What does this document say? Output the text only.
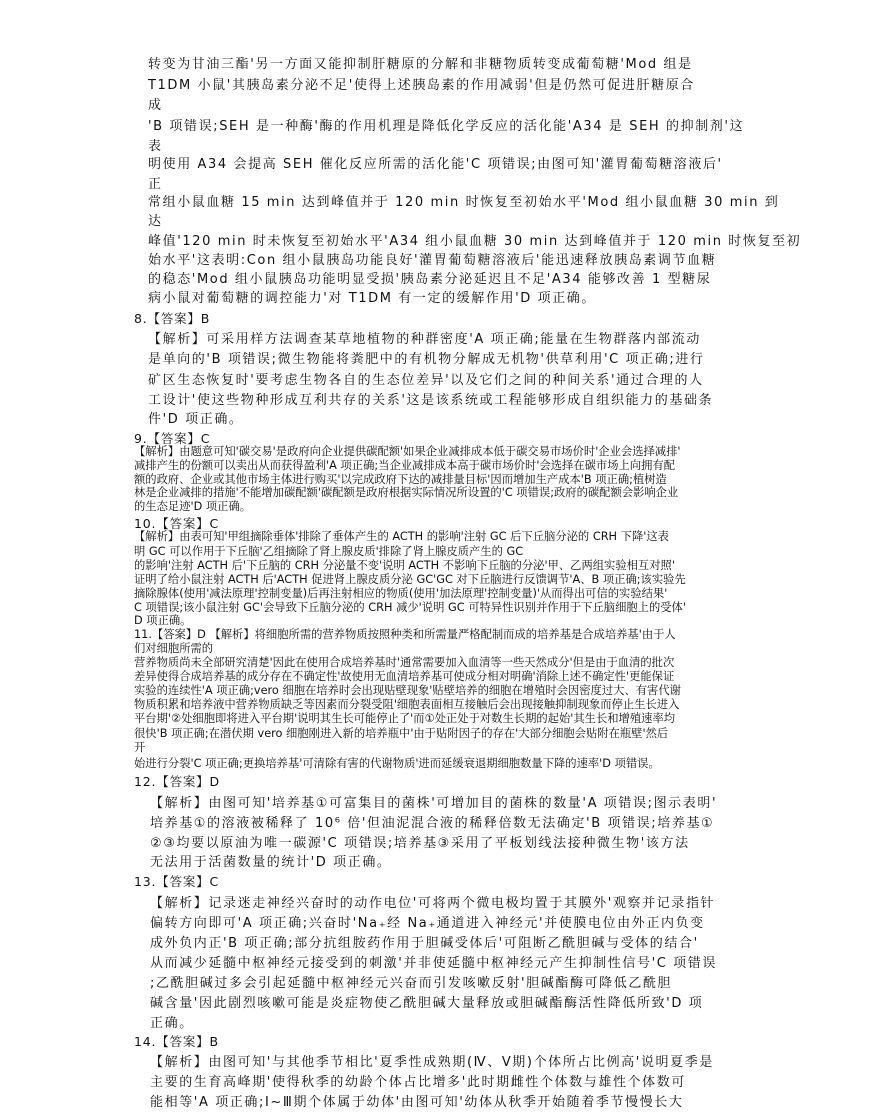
转变为甘油三酯'另一方面又能抑制肝糖原的分解和非糖物质转变成葡萄糖'Mod 组是

T1DM 小鼠'其胰岛素分泌不足'使得上述胰岛素的作用减弱'但是仍然可促进肝糖原合

成

'B 项错误;SEH 是一种酶'酶的作用机理是降低化学反应的活化能'A34 是 SEH 的抑制剂'这

表

明使用 A34 会提高 SEH 催化反应所需的活化能'C 项错误;由图可知'灌胃葡萄糖溶液后'

正

常组小鼠血糖 15 min 达到峰值并于 120 min 时恢复至初始水平'Mod 组小鼠血糖 30 min 到

达

峰值'120 min 时未恢复至初始水平'A34 组小鼠血糖 30 min 达到峰值并于 120 min 时恢复至初

始水平'这表明:Con 组小鼠胰岛功能良好'灌胃葡萄糖溶液后'能迅速释放胰岛素调节血糖

的稳态'Mod 组小鼠胰岛功能明显受损'胰岛素分泌延迟且不足'A34 能够改善 1 型糖尿

病小鼠对葡萄糖的调控能力'对 T1DM 有一定的缓解作用'D 项正确。

8.【答案】B

【解析】可采用样方法调查某草地植物的种群密度'A 项正确;能量在生物群落内部流动

是单向的'B 项错误;微生物能将粪肥中的有机物分解成无机物'供草利用'C 项正确;进行

矿区生态恢复时'要考虑生物各自的生态位差异'以及它们之间的种间关系'通过合理的人

工设计'使这些物种形成互利共存的关系'这是该系统或工程能够形成自组织能力的基础条

件'D 项正确。

9.【答案】C

【解析】由题意可知'碳交易'是政府向企业提供碳配额'如果企业减排成本低于碳交易市场价时'企业会选择减排'

减排产生的份额可以卖出从而获得盈利'A 项正确;当企业减排成本高于碳市场价时'会选择在碳市场上向拥有配

额的政府、企业或其他市场主体进行购买'以完成政府下达的减排量目标'因而增加生产成本'B 项正确;植树造

林是企业减排的措施'不能增加碳配额'碳配额是政府根据实际情况所设置的'C 项错误;政府的碳配额会影响企业

的生态足迹'D 项正确。

10.【答案】C

【解析】由表可知'甲组摘除垂体'排除了垂体产生的 ACTH 的影响'注射 GC 后下丘脑分泌的 CRH 下降'这表

明 GC 可以作用于下丘脑'乙组摘除了肾上腺皮质'排除了肾上腺皮质产生的 GC

的影响'注射 ACTH 后'下丘脑的 CRH 分泌量不变'说明 ACTH 不影响下丘脑的分泌'甲、乙两组实验相互对照'

证明了给小鼠注射 ACTH 后'ACTH 促进肾上腺皮质分泌 GC'GC 对下丘脑进行反馈调节'A、B 项正确;该实验先

摘除腺体(使用'减法原理'控制变量)后再注射相应的物质(使用'加法原理'控制变量)'从而得出可信的实验结果'

C 项错误;该小鼠注射 GC'会导致下丘脑分泌的 CRH 减少'说明 GC 可特异性识别并作用于下丘脑细胞上的受体'

D 项正确。

11.【答案】D 【解析】将细胞所需的营养物质按照种类和所需量严格配制而成的培养基是合成培养基'由于人

们对细胞所需的

营养物质尚未全部研究清楚'因此在使用合成培养基时'通常需要加入血清等一些天然成分'但是由于血清的批次

差异使得合成培养基的成分存在不确定性'故使用无血清培养基可使成分相对明确'消除上述不确定性'更能保证

实验的连续性'A 项正确;vero 细胞在培养时会出现贴壁现象'贴壁培养的细胞在增殖时会因密度过大、有害代谢

物质积累和培养液中营养物质缺乏等因素而分裂受阻'细胞表面相互接触后会出现接触抑制现象而停止生长进入

平台期'②处细胞即将进入平台期'说明其生长可能停止了'而①处正处于对数生长期的起始'其生长和增殖速率均

很快'B 项正确;在潜伏期 vero 细胞刚进入新的培养瓶中'由于贴附因子的存在'大部分细胞会贴附在瓶壁'然后

开

始进行分裂'C 项正确;更换培养基'可清除有害的代谢物质'进而延缓衰退期细胞数量下降的速率'D 项错误。

12.【答案】D

【解析】由图可知'培养基①可富集目的菌株'可增加目的菌株的数量'A 项错误;图示表明'

培养基①的溶液被稀释了 10⁶ 倍'但油泥混合液的稀释倍数无法确定'B 项错误;培养基①

②③均要以原油为唯一碳源'C 项错误;培养基③采用了平板划线法接种微生物'该方法

无法用于活菌数量的统计'D 项正确。

13.【答案】C

【解析】记录迷走神经兴奋时的动作电位'可将两个微电极均置于其膜外'观察并记录指针

偏转方向即可'A 项正确;兴奋时'Na₊经 Na₊通道进入神经元'并使膜电位由外正内负变

成外负内正'B 项正确;部分抗组胺药作用于胆碱受体后'可阻断乙酰胆碱与受体的结合'

从而减少延髓中枢神经元接受到的刺激'并非使延髓中枢神经元产生抑制性信号'C 项错误

;乙酰胆碱过多会引起延髓中枢神经元兴奋而引发咳嗽反射'胆碱酯酶可降低乙酰胆

碱含量'因此剧烈咳嗽可能是炎症物使乙酰胆碱大量释放或胆碱酯酶活性降低所致'D 项

正确。

14.【答案】B

【解析】由图可知'与其他季节相比'夏季性成熟期(Ⅳ、Ⅴ期)个体所占比例高'说明夏季是

主要的生育高峰期'使得秋季的幼龄个体占比增多'此时期雌性个体数与雄性个体数可

能相等'A 项正确;Ⅰ~Ⅲ期个体属于幼体'由图可知'幼体从秋季开始随着季节慢慢长大
